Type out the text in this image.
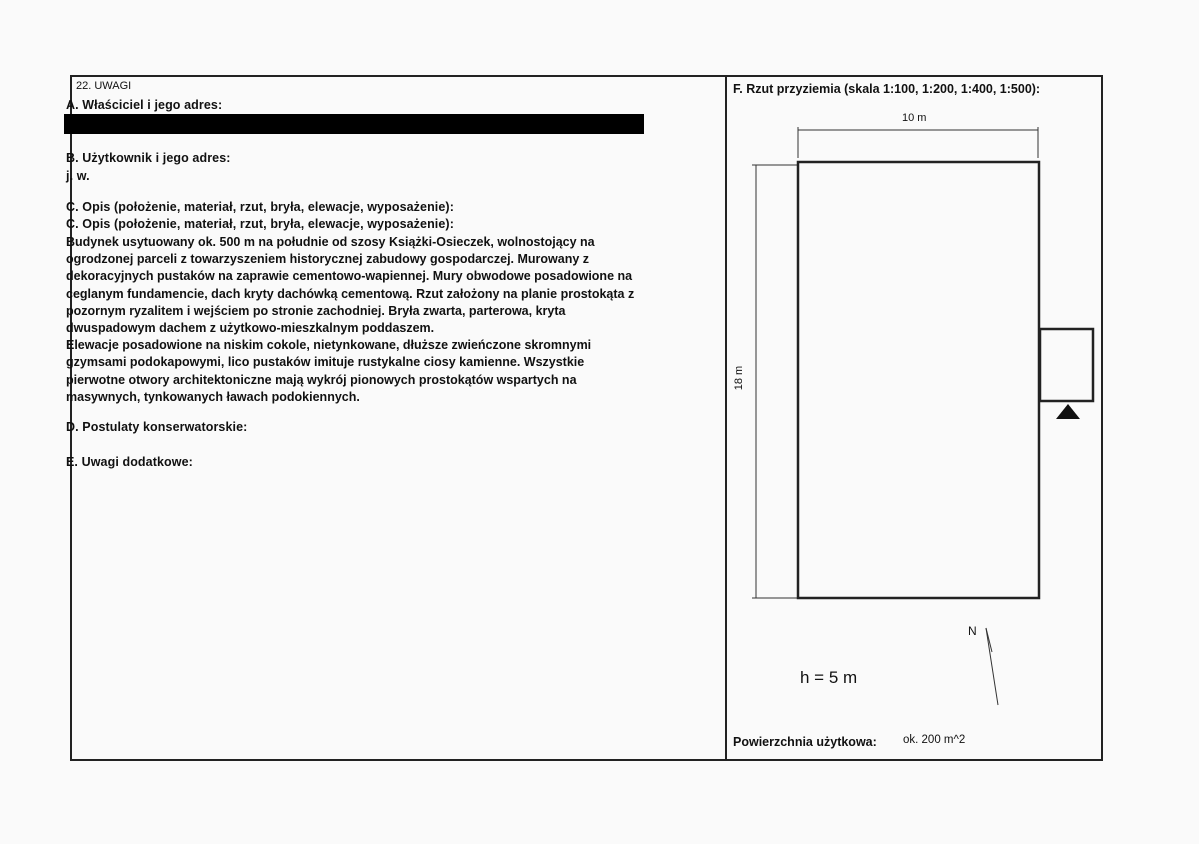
22. UWAGI
A. Właściciel i jego adres:
B. Użytkownik i jego adres:
j. w.
C. Opis (położenie, materiał, rzut, bryła, elewacje, wyposażenie):
C. Opis (położenie, materiał, rzut, bryła, elewacje, wyposażenie):
Budynek usytuowany ok. 500 m na południe od szosy Książki-Osieczek, wolnostojący na
ogrodzonej parceli z towarzyszeniem historycznej zabudowy gospodarczej. Murowany z
dekoracyjnych pustaków na zaprawie cementowo-wapiennej. Mury obwodowe posadowione na
ceglanym fundamencie, dach kryty dachówką cementową. Rzut założony na planie prostokąta z
pozornym ryzalitem i wejściem po stronie zachodniej. Bryła zwarta, parterowa, kryta
dwuspadowym dachem z użytkowo-mieszkalnym poddaszem.
Elewacje posadowione na niskim cokole, nietynkowane, dłuższe zwieńczone skromnymi
gzymsami podokapowymi, lico pustaków imituje rustykalne ciosy kamienne. Wszystkie
pierwotne otwory architektoniczne mają wykrój pionowych prostokątów wspartych na
masywnych, tynkowanych ławach podokiennych.
D. Postulaty konserwatorskie:
E. Uwagi dodatkowe:
F. Rzut przyziemia (skala 1:100, 1:200, 1:400, 1:500):
10 m
18 m
h = 5 m
N
Powierzchnia użytkowa: ok. 200 m^2
